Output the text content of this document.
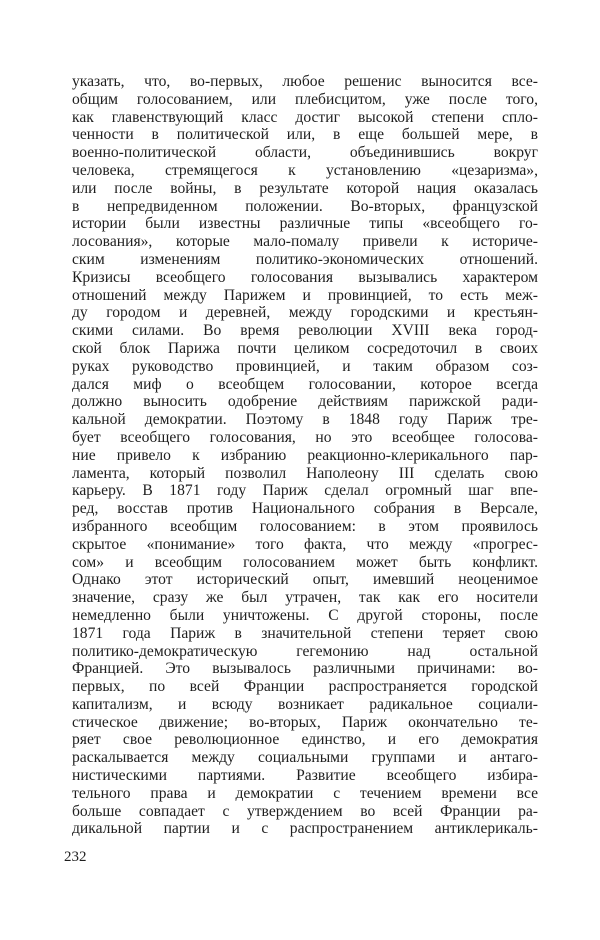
указать, что, во-первых, любое решенис выносится все-
общим голосованием, или плебисцитом, уже после того,
как главенствующий класс достиг высокой степени спло-
ченности в политической или, в еще большей мере, в
военно-политической области, объединившись вокруг
человека, стремящегося к установлению «цезаризма»,
или после войны, в результате которой нация оказалась
в непредвиденном положении. Во-вторых, французской
истории были известны различные типы «всеобщего го-
лосования», которые мало-помалу привели к историче-
ским изменениям политико-экономических отношений.
Кризисы всеобщего голосования вызывались характером
отношений между Парижем и провинцией, то есть меж-
ду городом и деревней, между городскими и крестьян-
скими силами. Во время революции XVIII века город-
ской блок Парижа почти целиком сосредоточил в своих
руках руководство провинцией, и таким образом соз-
дался миф о всеобщем голосовании, которое всегда
должно выносить одобрение действиям парижской ради-
кальной демократии. Поэтому в 1848 году Париж тре-
бует всеобщего голосования, но это всеобщее голосова-
ние привело к избранию реакционно-клерикального пар-
ламента, который позволил Наполеону III сделать свою
карьеру. В 1871 году Париж сделал огромный шаг впе-
ред, восстав против Национального собрания в Версале,
избранного всеобщим голосованием: в этом проявилось
скрытое «понимание» того факта, что между «прогрес-
сом» и всеобщим голосованием может быть конфликт.
Однако этот исторический опыт, имевший неоценимое
значение, сразу же был утрачен, так как его носители
немедленно были уничтожены. С другой стороны, после
1871 года Париж в значительной степени теряет свою
политико-демократическую гегемонию над остальной
Францией. Это вызывалось различными причинами: во-
первых, по всей Франции распространяется городской
капитализм, и всюду возникает радикальное социали-
стическое движение; во-вторых, Париж окончательно те-
ряет свое революционное единство, и его демократия
раскалывается между социальными группами и антаго-
нистическими партиями. Развитие всеобщего избира-
тельного права и демократии с течением времени все
больше совпадает с утверждением во всей Франции ра-
дикальной партии и с распространением антиклерикаль-
232
